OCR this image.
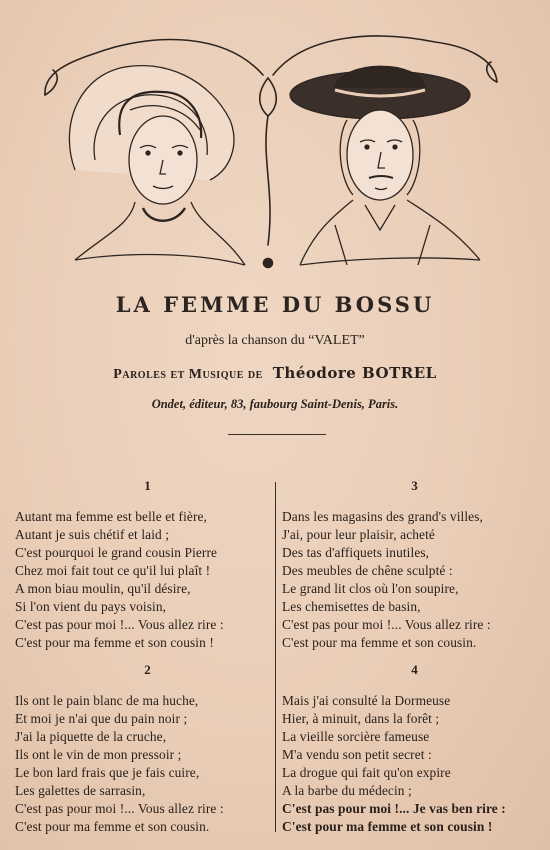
LA FEMME DU BOSSU
d'après la chanson du “VALET”
Paroles et Musique de Théodore BOTREL
Ondet, éditeur, 83, faubourg Saint-Denis, Paris.
1
Autant ma femme est belle et fière,
Autant je suis chétif et laid ;
C'est pourquoi le grand cousin Pierre
Chez moi fait tout ce qu'il lui plaît !
A mon biau moulin, qu'il désire,
Si l'on vient du pays voisin,
C'est pas pour moi !... Vous allez rire :
C'est pour ma femme et son cousin !
3
Dans les magasins des grand's villes,
J'ai, pour leur plaisir, acheté
Des tas d'affiquets inutiles,
Des meubles de chêne sculpté :
Le grand lit clos où l'on soupire,
Les chemisettes de basin,
C'est pas pour moi !... Vous allez rire :
C'est pour ma femme et son cousin.
2
Ils ont le pain blanc de ma huche,
Et moi je n'ai que du pain noir ;
J'ai la piquette de la cruche,
Ils ont le vin de mon pressoir ;
Le bon lard frais que je fais cuire,
Les galettes de sarrasin,
C'est pas pour moi !... Vous allez rire :
C'est pour ma femme et son cousin.
4
Mais j'ai consulté la Dormeuse
Hier, à minuit, dans la forêt ;
La vieille sorcière fameuse
M'a vendu son petit secret :
La drogue qui fait qu'on expire
A la barbe du médecin ;
C'est pas pour moi !... Je vas ben rire :
C'est pour ma femme et son cousin !
